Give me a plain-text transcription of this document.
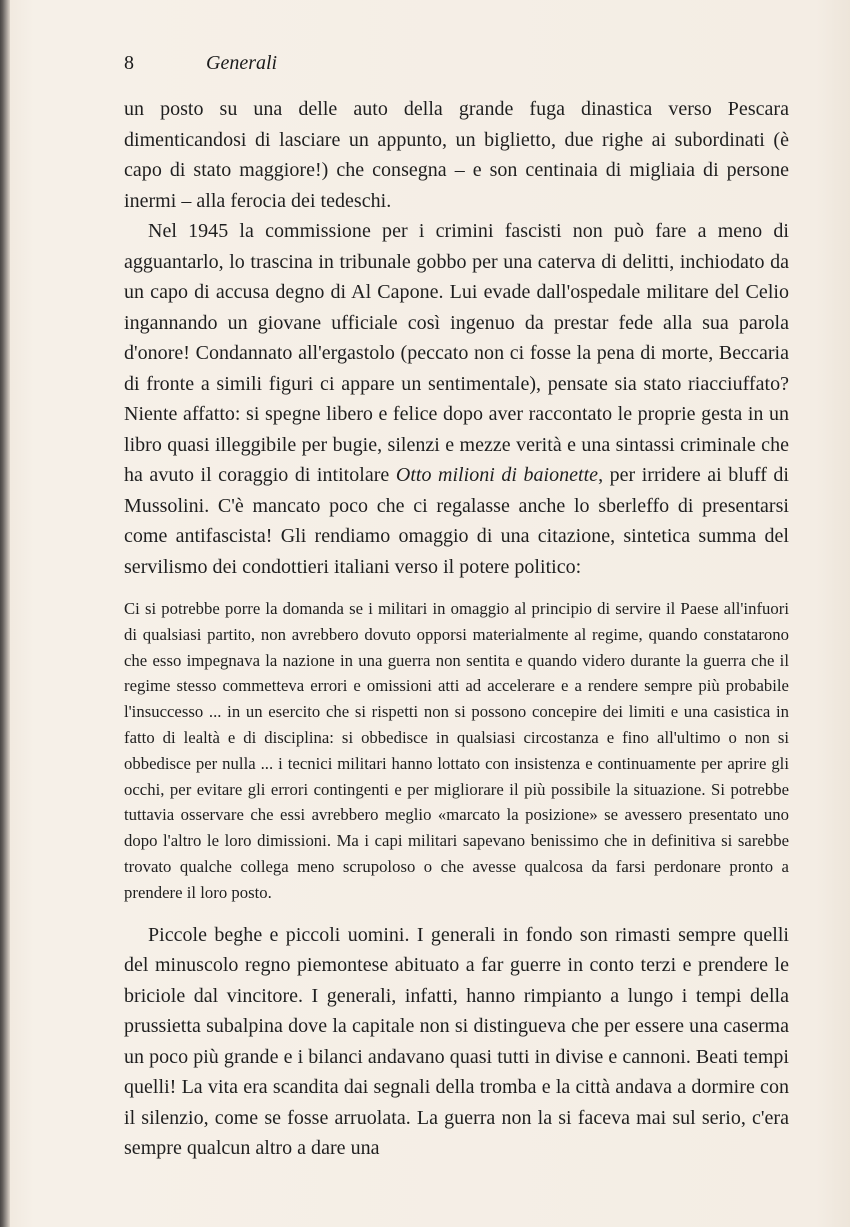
8	Generali

un posto su una delle auto della grande fuga dinastica verso Pescara dimenticandosi di lasciare un appunto, un biglietto, due righe ai subordinati (è capo di stato maggiore!) che consegna – e son centinaia di migliaia di persone inermi – alla ferocia dei tedeschi.

Nel 1945 la commissione per i crimini fascisti non può fare a meno di agguantarlo, lo trascina in tribunale gobbo per una caterva di delitti, inchiodato da un capo di accusa degno di Al Capone. Lui evade dall'ospedale militare del Celio ingannando un giovane ufficiale così ingenuo da prestar fede alla sua parola d'onore! Condannato all'ergastolo (peccato non ci fosse la pena di morte, Beccaria di fronte a simili figuri ci appare un sentimentale), pensate sia stato riacciuffato? Niente affatto: si spegne libero e felice dopo aver raccontato le proprie gesta in un libro quasi illeggibile per bugie, silenzi e mezze verità e una sintassi criminale che ha avuto il coraggio di intitolare Otto milioni di baionette, per irridere ai bluff di Mussolini. C'è mancato poco che ci regalasse anche lo sberleffo di presentarsi come antifascista! Gli rendiamo omaggio di una citazione, sintetica summa del servilismo dei condottieri italiani verso il potere politico:

Ci si potrebbe porre la domanda se i militari in omaggio al principio di servire il Paese all'infuori di qualsiasi partito, non avrebbero dovuto opporsi materialmente al regime, quando constatarono che esso impegnava la nazione in una guerra non sentita e quando videro durante la guerra che il regime stesso commetteva errori e omissioni atti ad accelerare e a rendere sempre più probabile l'insuccesso ... in un esercito che si rispetti non si possono concepire dei limiti e una casistica in fatto di lealtà e di disciplina: si obbedisce in qualsiasi circostanza e fino all'ultimo o non si obbedisce per nulla ... i tecnici militari hanno lottato con insistenza e continuamente per aprire gli occhi, per evitare gli errori contingenti e per migliorare il più possibile la situazione. Si potrebbe tuttavia osservare che essi avrebbero meglio «marcato la posizione» se avessero presentato uno dopo l'altro le loro dimissioni. Ma i capi militari sapevano benissimo che in definitiva si sarebbe trovato qualche collega meno scrupoloso o che avesse qualcosa da farsi perdonare pronto a prendere il loro posto.

Piccole beghe e piccoli uomini. I generali in fondo son rimasti sempre quelli del minuscolo regno piemontese abituato a far guerre in conto terzi e prendere le briciole dal vincitore. I generali, infatti, hanno rimpianto a lungo i tempi della prussietta subalpina dove la capitale non si distingueva che per essere una caserma un poco più grande e i bilanci andavano quasi tutti in divise e cannoni. Beati tempi quelli! La vita era scandita dai segnali della tromba e la città andava a dormire con il silenzio, come se fosse arruolata. La guerra non la si faceva mai sul serio, c'era sempre qualcun altro a dare una
